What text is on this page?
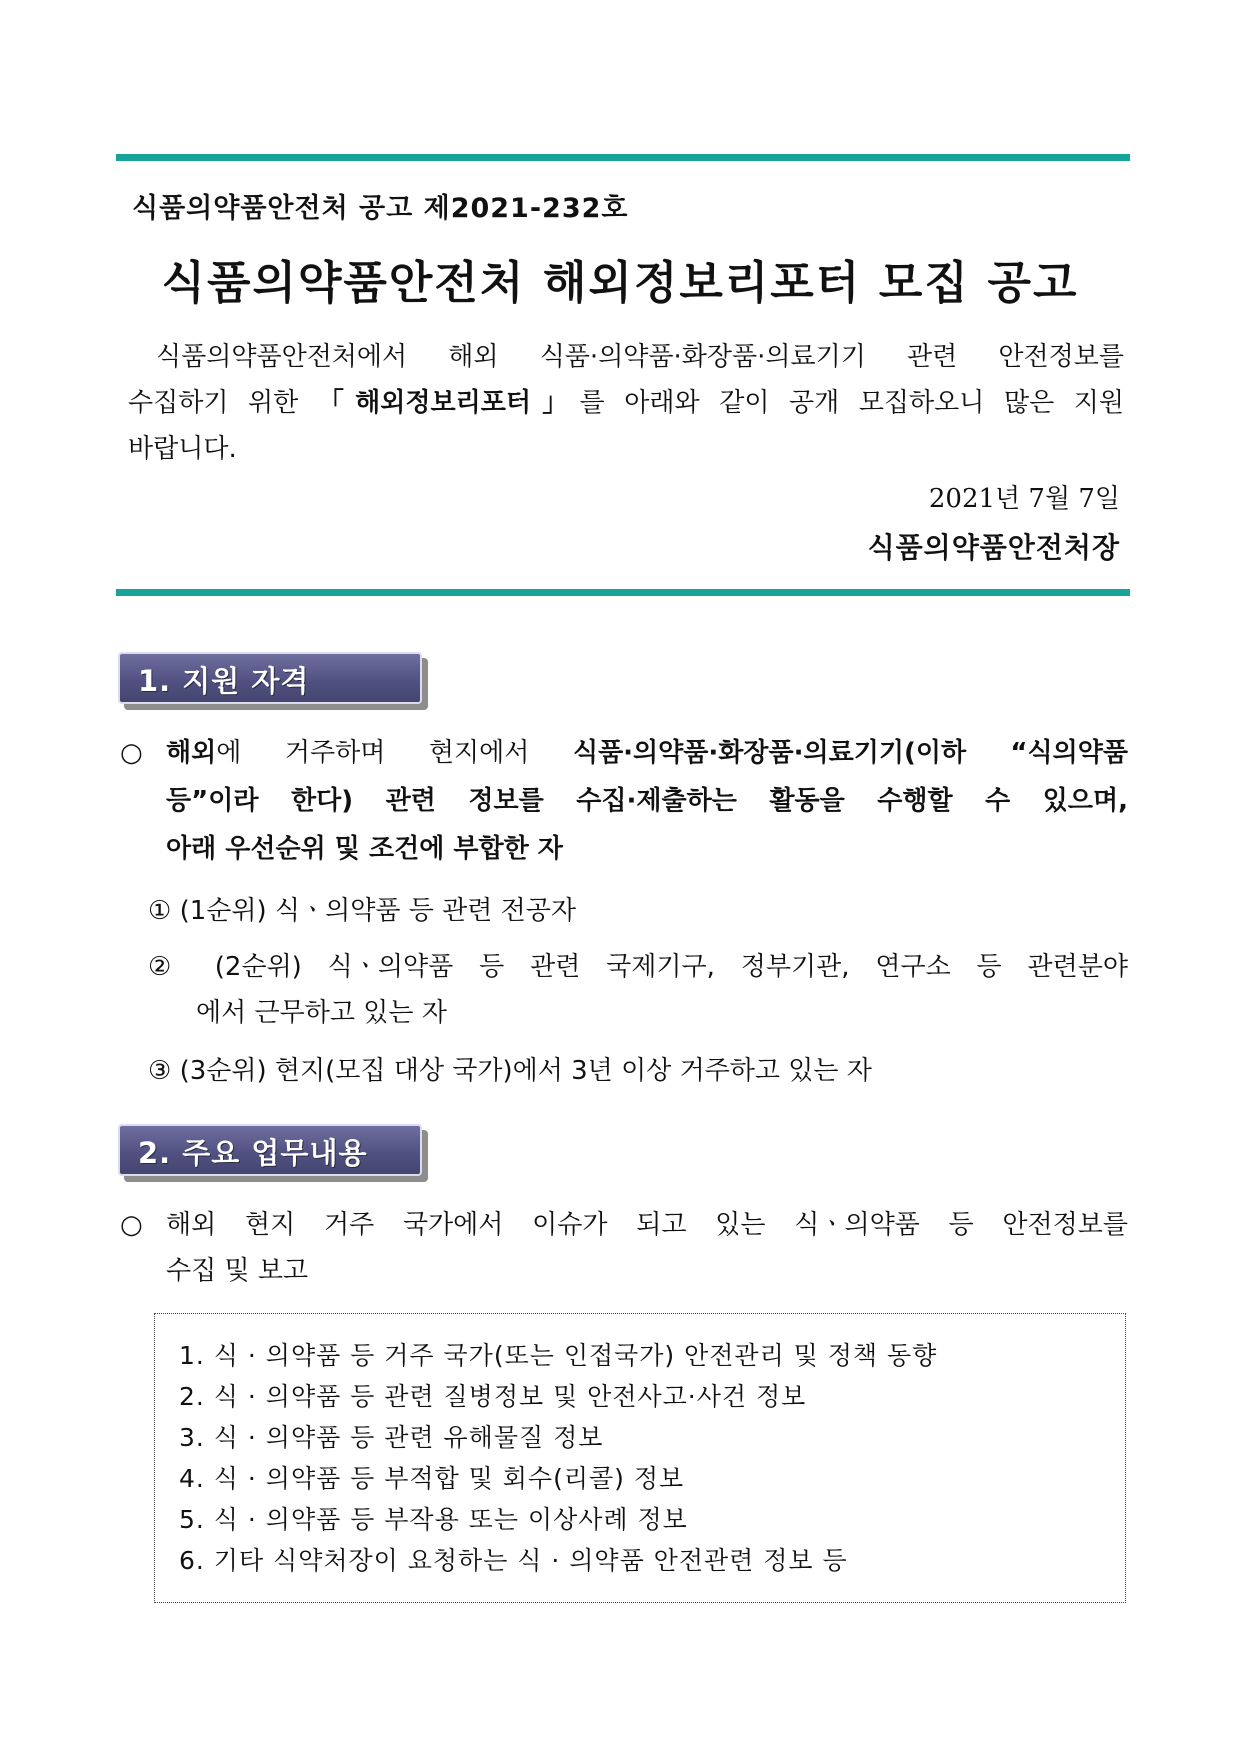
식품의약품안전처 공고 제2021-232호
식품의약품안전처 해외정보리포터 모집 공고
식품의약품안전처에서 해외 식품·의약품·화장품·의료기기 관련 안전정보를
수집하기 위한 「해외정보리포터」를 아래와 같이 공개 모집하오니 많은 지원
바랍니다.
2021년 7월 7일
식품의약품안전처장
1. 지원 자격
○ 해외에 거주하며 현지에서 식품·의약품·화장품·의료기기(이하 “식의약품
등”이라 한다) 관련 정보를 수집·제출하는 활동을 수행할 수 있으며,
아래 우선순위 및 조건에 부합한 자
① (1순위) 식ㆍ의약품 등 관련 전공자
② (2순위) 식ㆍ의약품 등 관련 국제기구, 정부기관, 연구소 등 관련분야
에서 근무하고 있는 자
③ (3순위) 현지(모집 대상 국가)에서 3년 이상 거주하고 있는 자
2. 주요 업무내용
○ 해외 현지 거주 국가에서 이슈가 되고 있는 식ㆍ의약품 등 안전정보를
수집 및 보고
1. 식 · 의약품 등 거주 국가(또는 인접국가) 안전관리 및 정책 동향
2. 식 · 의약품 등 관련 질병정보 및 안전사고·사건 정보
3. 식 · 의약품 등 관련 유해물질 정보
4. 식 · 의약품 등 부적합 및 회수(리콜) 정보
5. 식 · 의약품 등 부작용 또는 이상사례 정보
6. 기타 식약처장이 요청하는 식 · 의약품 안전관련 정보 등
